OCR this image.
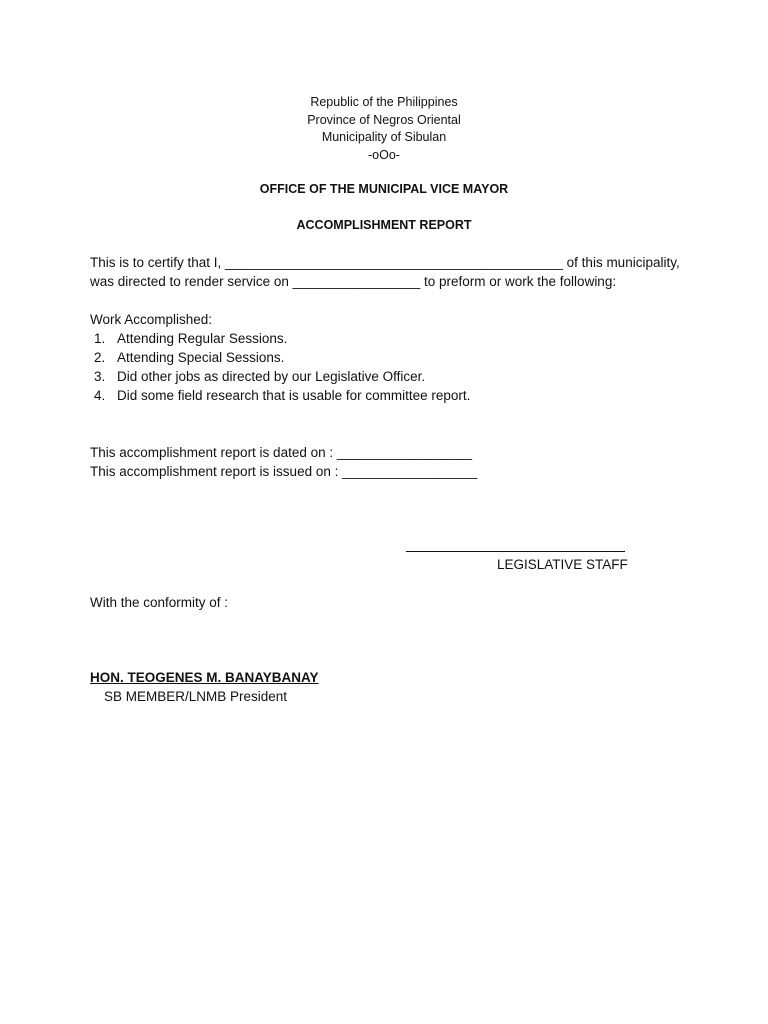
Republic of the Philippines
Province of Negros Oriental
Municipality of Sibulan
-oOo-
OFFICE OF THE MUNICIPAL VICE MAYOR
ACCOMPLISHMENT REPORT
This is to certify that I, _____________________________________________ of this municipality,
was directed to render service on _________________ to preform or work the following:
Work Accomplished:
1. Attending Regular Sessions.
2. Attending Special Sessions.
3. Did other jobs as directed by our Legislative Officer.
4. Did some field research that is usable for committee report.
This accomplishment report is dated on : __________________
This accomplishment report is issued on : __________________
LEGISLATIVE STAFF
With the conformity of :
HON. TEOGENES M. BANAYBANAY
SB MEMBER/LNMB President
